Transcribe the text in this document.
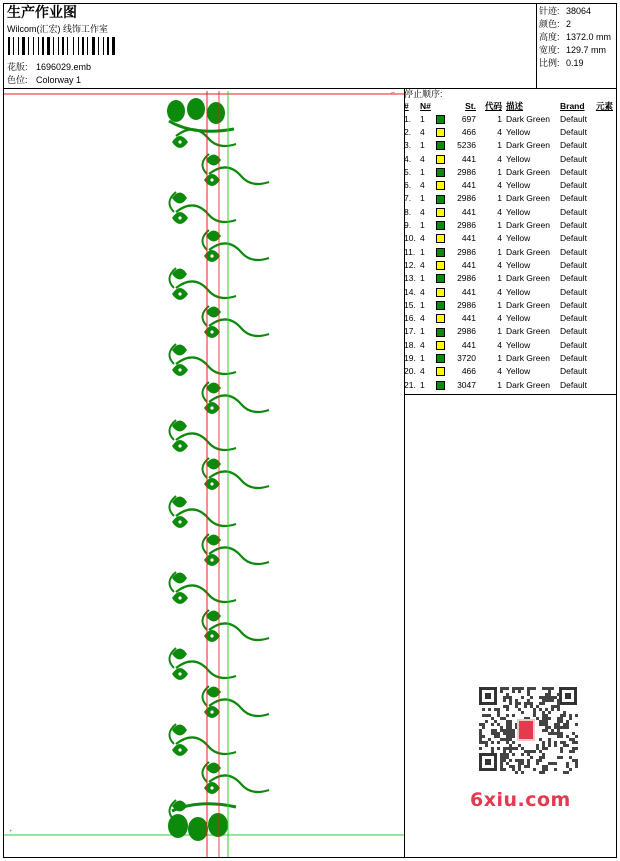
生产作业图
Wilcom(汇宏) 线饰工作室
花版: 1696029.emb
色位: Colorway 1
针迹: 38064
颜色: 2
高度: 1372.0 mm
宽度: 129.7 mm
比例: 0.19
停止顺序:
#	N#		St.	代码	描述	Brand	元素
1.	1		697	1	Dark Green	Default	
2.	4		466	4	Yellow	Default	
3.	1		5236	1	Dark Green	Default	
4.	4		441	4	Yellow	Default	
5.	1		2986	1	Dark Green	Default	
6.	4		441	4	Yellow	Default	
7.	1		2986	1	Dark Green	Default	
8.	4		441	4	Yellow	Default	
9.	1		2986	1	Dark Green	Default	
10.	4		441	4	Yellow	Default	
11.	1		2986	1	Dark Green	Default	
12.	4		441	4	Yellow	Default	
13.	1		2986	1	Dark Green	Default	
14.	4		441	4	Yellow	Default	
15.	1		2986	1	Dark Green	Default	
16.	4		441	4	Yellow	Default	
17.	1		2986	1	Dark Green	Default	
18.	4		441	4	Yellow	Default	
19.	1		3720	1	Dark Green	Default	
20.	4		466	4	Yellow	Default	
21.	1		3047	1	Dark Green	Default	
+
⌐
6xiu.com
